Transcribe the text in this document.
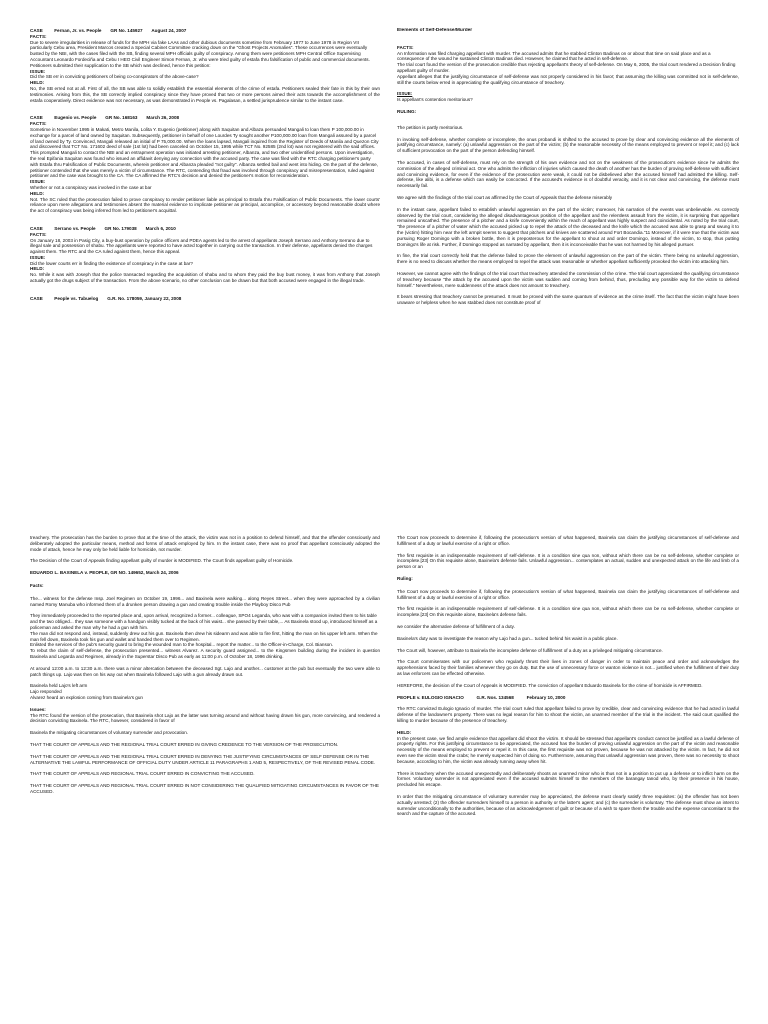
CASE         Fernan, Jr. vs. People       GR No. 145927       August 24, 2007

FACTS:

Due to severe irregularities in release of funds for the MPH via fake LAAs and other dubious documents sometime from February 1977 to June 1978 in Region VII particularly Cebu area, President Marcos created a Special Cabinet Committee cracking down on the "Ghost Projects Anomalies". These occurrences were eventually busted by the NBI, with the cases filed with the SB, finding several MPH officials guilty of conspiracy. Among them were petitioners MPH Central Office Supervising Accountant Leonardo Fordeciña and Cebu I HEO Civil Engineer Simon Fernan, Jr. who were tried guilty of estafa thru falsification of public and commercial documents. Petitioners submitted their supplication to the SB which was declined, hence this petition:

ISSUE:

Did the SB err in convicting petitioners of being co-conspirators of the above-case?

HELD:

No, the SB erred not at all. First of all, the SB was able to solidly establish the essential elements of the crime of estafa. Petitioners sealed their fate in this by their own testimonies. Arising from this, the SB correctly implied conspiracy since they have proved that two or more persons aimed their acts towards the accomplishment of the estafa cooperatively. Direct evidence was not necessary, as was demonstrated in People vs. Pagalasan, a settled jurisprudence similar to the instant case.

CASE         Eugenio vs. People       GR No. 168163       March 26, 2008

FACTS:

Sometime in November 1995 in Makati, Metro Manila, Lolita Y. Eugenio (petitioner) along with Saquitan and Albaza persuaded Mangali to loan them P 100,000.00 in exchange for a parcel of land owned by Saquitan. Subsequently, petitioner in behalf of one Lourdes Ty sought another P100,000.00 loan from Mangali assured by a parcel of land owned by Ty. Convinced, Mangali released an initial of P 75,000.00. When the loans lapsed, Mangali inquired from the Register of Deeds of Manila and Quezon City and discovered that TCT No. 171602 deed of sale (1st lot) had been canceled on October 15, 1995 while TCT No. 92585 (2nd lot) was not registered with the said offices. This prompted Mangali to contact the NBI and an entrapment operation was initiated arresting petitioner, Albanza, and two other unidentified persons. Upon investigation, the real Epifania Saquitan was found who issued an affidavit denying any connection with the accused party. The case was filed with the RTC charging petitioner's party with Estafa thru Falsification of Public Documents, wherein petitioner and Albanza pleaded "not guilty". Albanza settled bail and went into hiding. On the part of the defense, petitioner contended that she was merely a victim of circumstance. The RTC, contending that fraud was involved through conspiracy and misrepresentation, ruled against petitioner and the case was brought to the CA. The CA affirmed the RTC's decision and denied the petitioner's motion for reconsideration.

ISSUE:

Whether or not a conspiracy was involved in the case at bar

HELD:

Not. The SC ruled that the prosecution failed to prove conspiracy to render petitioner liable as principal to Estafa thru Falsification of Public Documents. The lower courts' reliance upon mere allegations and testimonies absent the material evidence to implicate petitioner as principal, accomplice, or accessory beyond reasonable doubt where the act of conspiracy was being inferred from led to petitioner's acquittal.

CASE         Serrano vs. People       GR No. 179038       March 6, 2010

FACTS:

On January 18, 2003 in Pasig City, a buy-bust operation by police officers and PDEA agents led to the arrest of appellants Joseph Serrano and Anthony Serrano due to illegal sale and possession of shabu. The appellants were reported to have acted together in carrying out the transaction. In their defense, appellants denied the charges against them. The RTC and the CA ruled against them, hence this appeal.

ISSUE:

Did the lower courts err in finding the existence of conspiracy in the case at bar?

HELD:

No. While it was with Joseph that the police transacted regarding the acquisition of shabu and to whom they paid the buy bust money, it was from Anthony that Joseph actually got the drugs subject of the transaction. From the above scenario, no other conclusion can be drawn but that both accused were engaged in the illegal trade.

CASE         People vs. Tabuelog       G.R. No. 178059, January 22, 2008

Elements of Self-Defense/Murder

FACTS:

An Information was filed charging appellant with murder. The accused admits that he stabbed Clinton Badinas on or about that time on said place and as a consequence of the wound he sustained Clinton Badinas died. However, he claimed that he acted in self-defense.

The trial court found the version of the prosecution credible thus rejecting appellant's theory of self-defense. On May 6, 2005, the trial court rendered a Decision finding appellant guilty of murder.

Appellant alleges that the justifying circumstance of self-defense was not properly considered in his favor; that assuming the killing was committed not in self-defense, still the courts below erred in appreciating the qualifying circumstance of treachery.

ISSUE:

Is appellant's contention meritorious?

RULING:

The petition is partly meritorious.

In invoking self-defense, whether complete or incomplete, the onus probandi is shifted to the accused to prove by clear and convincing evidence all the elements of justifying circumstance, namely: (a) unlawful aggression on the part of the victim; (b) the reasonable necessity of the means employed to prevent or repel it; and (c) lack of sufficient provocation on the part of the person defending himself.

The accused, in cases of self-defense, must rely on the strength of his own evidence and not on the weakness of the prosecution's evidence since he admits the commission of the alleged criminal act. One who admits the infliction of injuries which caused the death of another has the burden of proving self-defense with sufficient and convincing evidence, for even if the evidence of the prosecution were weak, it could not be disbelieved after the accused himself had admitted the killing. Self-defense, like alibi, is a defense which can easily be concocted. If the accused's evidence is of doubtful veracity, and it is not clear and convincing, the defense must necessarily fail.

We agree with the findings of the trial court as affirmed by the Court of Appeals that the defense miserably

In the instant case, appellant failed to establish unlawful aggression on the part of the victim; moreover, his narration of the events was unbelievable. As correctly observed by the trial court, considering the alleged disadvantageous position of the appellant and the relentless assault from the victim, it is surprising that appellant remained unscathed. The presence of a pitcher and a knife conveniently within the reach of appellant was highly suspect and coincidental. As noted by the trial court, "the presence of a pitcher of water which the accused picked up to repel the attack of the deceased and the knife which the accused was able to grasp and swung it to the (victim) hitting him near the left armpit seems to suggest that pitchers and knives are scattered around Fort Bocandia."11 Moreover, if it were true that the victim was pursuing Roger Domingo with a broken bottle, then it is preposterous for the appellant to shout at and order Domingo, instead of the victim, to stop, thus putting Domingo's life at risk. Further, if Domingo stopped as narrated by appellant, then it is inconceivable that he was not harmed by his alleged pursuer.

In fine, the trial court correctly held that the defense failed to prove the element of unlawful aggression on the part of the victim. There being no unlawful aggression, there is no need to discuss whether the means employed to repel the attack was reasonable or whether appellant sufficiently provoked the victim into attacking him.

However, we cannot agree with the findings of the trial court that treachery attended the commission of the crime. The trial court appreciated the qualifying circumstance of treachery because "the attack by the accused upon the victim was sudden and coming from behind, thus, precluding any possible way for the victim to defend himself." Nevertheless, mere suddenness of the attack does not amount to treachery.

It bears stressing that treachery cannot be presumed. It must be proved with the same quantum of evidence as the crime itself. The fact that the victim might have been unaware or helpless when he was stabbed does not constitute proof of

treachery. The prosecution has the burden to prove that at the time of the attack, the victim was not in a position to defend himself, and that the offender consciously and deliberately adopted the particular means, method and forms of attack employed by him. In the instant case, there was no proof that appellant consciously adopted the mode of attack, hence he may only be held liable for homicide, not murder.

The Decision of the Court of Appeals finding appellant guilty of murder is MODIFIED. The Court finds appellant guilty of Homicide.

EDUARDO L. BAXINELA v. PEOPLE, GR NO. 149652, March 24, 2006

Facts:

The... witness for the defense Insp. Joel Regimen on October 19, 1996... and Baxinela were walking... along Reyes Street... when they were approached by a civilian named Romy Manuba who informed them of a drunken person drawing a gun and creating trouble inside the Playboy Disco Pub

They immediately proceeded to the reported place and, upon arrival, recognized a former... colleague, SPO4 Leganda, who was with a companion invited them to his table and the two obliged... they saw someone with a handgun visibly tucked at the back of his waist... she passed by their table,... As Baxinela stood up, introduced himself as a policeman and asked the man why he had a gun with him.

The man did not respond and, instead, suddenly drew out his gun. Baxinela then drew his sidearm and was able to fire first, hitting the man on his upper left arm. When the man fell down, Baxinela took his gun and wallet and handed them over to Regimen.

Enlisted the services of the pub's security guard to bring the wounded man to the hospital... report the matter... to the Officer-in-Charge, Col. Bianson.

To rebut the claim of self-defense, the prosecution presented... witness Alvarez. A security guard assigned... to the Kingsmen building during the incident in question Baxinela and Legarda and Regimen, already in the Superstar Disco Pub as early as 11:00 p.m. of October 18, 1996 drinking.

At around 12:00 a.m. to 12:30 a.m. there was a minor altercation between the deceased Sgt. Lajo and another... customer at the pub but eventually the two were able to patch things up. Lajo was then on his way out when Baxinela followed Lajo with a gun already drawn out.

Baxinela held Lajo's left arm

Lajo responded

Alvarez heard an explosion coming from Baxinela's gun

Issues:

The RTC found the version of the prosecution, that Baxinela shot Lajo as the latter was turning around and without having drawn his gun, more convincing, and rendered a decision convicting Baxinela. The RTC, however, considered in favor of

Baxinela the mitigating circumstances of voluntary surrender and provocation.

THAT THE COURT OF APPEALS AND THE REGIONAL TRIAL COURT ERRED IN GIVING CREDENCE TO THE VERSION OF THE PROSECUTION.

THAT THE COURT OF APPEALS AND THE REGIONAL TRIAL COURT ERRED IN DENYING THE JUSTIFYING CIRCUMSTANCES OF SELF DEFENSE OR IN THE ALTERNATIVE THE LAWFUL PERFORMANCE OF OFFICIAL DUTY UNDER ARTICLE 11 PARAGRAPHS 1 AND 5, RESPECTIVELY, OF THE REVISED PENAL CODE.

THAT THE COURT OF APPEALS AND REGIONAL TRIAL COURT ERRED IN CONVICTING THE ACCUSED.

THAT THE COURT OF APPEALS AND REGIONAL TRIAL COURT ERRED IN NOT CONSIDERING THE QUALIFIED MITIGATING CIRCUMSTANCES IN FAVOR OF THE ACCUSED.

The Court now proceeds to determine if, following the prosecution's version of what happened, Baxinela can claim the justifying circumstances of self-defense and fulfillment of a duty or lawful exercise of a right or office.

The first requisite is an indispensable requirement of self-defense. It is a condition sine qua non, without which there can be no self-defense, whether complete or incomplete.[23] On this requisite alone, Baxinela's defense fails. Unlawful aggression... contemplates an actual, sudden and unexpected attack on the life and limb of a person or an

Ruling:

The Court now proceeds to determine if, following the prosecution's version of what happened, Baxinela can claim the justifying circumstances of self-defense and fulfillment of a duty or lawful exercise of a right or office.

The first requisite is an indispensable requirement of self-defense. It is a condition sine qua non, without which there can be no self-defense, whether complete or incomplete.[23] On this requisite alone, Baxinela's defense fails.

we consider the alternative defense of fulfillment of a duty.

Baxinela's duty was to investigate the reason why Lajo had a gun... tucked behind his waist in a public place.

The Court will, however, attribute to Baxinela the incomplete defense of fulfillment of a duty as a privileged mitigating circumstance.

The Court commiserates with our policemen who regularly thrust their lives in zones of danger in order to maintain peace and order and acknowledges the apprehensions faced by their families whenever they go on duty. But the use of unnecessary force or wanton violence is not... justified when the fulfillment of their duty as law enforcers can be effected otherwise.

HEREFORE, the decision of the Court of Appeals is MODIFIED. The conviction of appellant Eduardo Baxinela for the crime of homicide is AFFIRMED.

PEOPLE v. EULOGIO IGNACIO          G.R. Nos. 134568          February 10, 2000

The RTC convicted Eulogio Ignacio of murder. The trial court ruled that appellant failed to prove by credible, clear and convincing evidence that he had acted in lawful defense of the landowner's property. There was no legal reason for him to shoot the victim, an unarmed member of the trial in the incident. The said court qualified the killing to murder because of the presence of treachery.

HELD:

In the present case, we find ample evidence that appellant did shoot the victim. It should be stressed that appellant's conduct cannot be justified as a lawful defense of property rights. For this justifying circumstance to be appreciated, the accused has the burden of proving unlawful aggression on the part of the victim and reasonable necessity of the means employed to prevent or repel it. In this case, the first requisite was not proven, because he was not attacked by the victim. In fact, he did not even see the victim steal the crabs; he merely suspected him of doing so. Furthermore, assuming that unlawful aggression was proven, there was no necessity to shoot because, according to him, the victim was already running away when hit.

There is treachery when the accused unexpectedly and deliberately shoots an unarmed minor who is thus not in a position to put up a defense or to inflict harm on the former. Voluntary surrender is not appreciated even if the accused submits himself to the members of the barangay tanod who, by their presence in his house, precluded his escape.

In order that the mitigating circumstance of voluntary surrender may be appreciated, the defense must clearly satisfy three requisites: (a) the offender has not been actually arrested; (2) the offender surrenders himself to a person in authority or the latter's agent; and (c) the surrender is voluntary. The defense must show an intent to surrender unconditionally to the authorities, because of an acknowledgement of guilt or because of a wish to spare them the trouble and the expense concomitant to the search and the capture of the accused.
